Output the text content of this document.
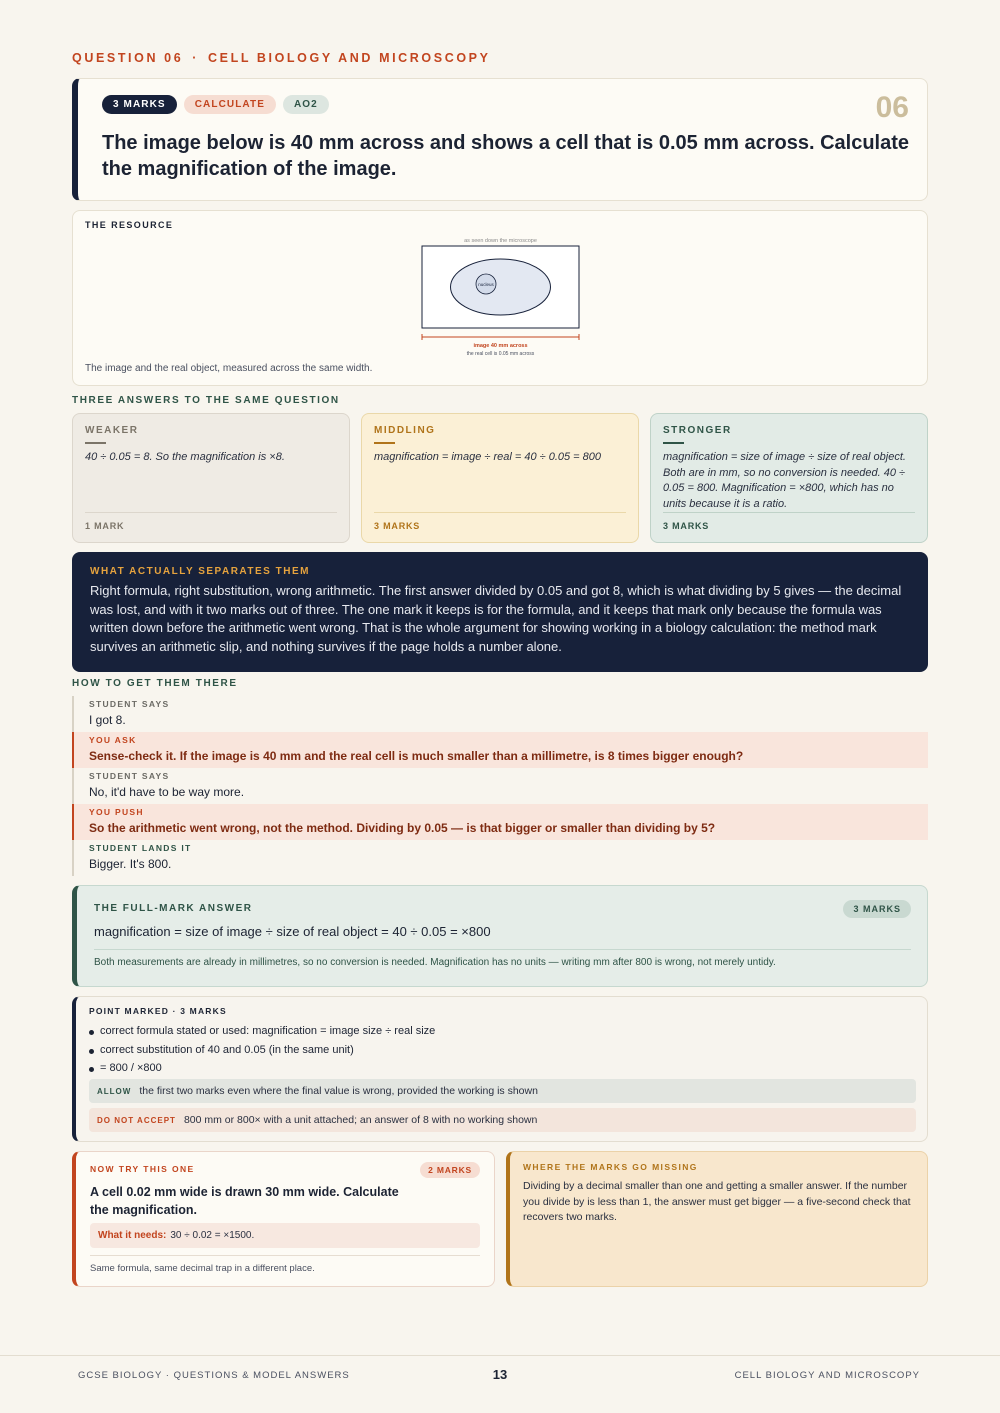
QUESTION 06 · CELL BIOLOGY AND MICROSCOPY
3 MARKS	CALCULATE	AO2	06
The image below is 40 mm across and shows a cell that is 0.05 mm across. Calculate the magnification of the image.
THE RESOURCE
as seen down the microscope
nucleus
image 40 mm across
the real cell is 0.05 mm across
The image and the real object, measured across the same width.
THREE ANSWERS TO THE SAME QUESTION
WEAKER
40 ÷ 0.05 = 8. So the magnification is ×8.
1 MARK
MIDDLING
magnification = image ÷ real = 40 ÷ 0.05 = 800
3 MARKS
STRONGER
magnification = size of image ÷ size of real object. Both are in mm, so no conversion is needed. 40 ÷ 0.05 = 800. Magnification = ×800, which has no units because it is a ratio.
3 MARKS
WHAT ACTUALLY SEPARATES THEM
Right formula, right substitution, wrong arithmetic. The first answer divided by 0.05 and got 8, which is what dividing by 5 gives — the decimal was lost, and with it two marks out of three. The one mark it keeps is for the formula, and it keeps that mark only because the formula was written down before the arithmetic went wrong. That is the whole argument for showing working in a biology calculation: the method mark survives an arithmetic slip, and nothing survives if the page holds a number alone.
HOW TO GET THEM THERE
STUDENT SAYS
I got 8.
YOU ASK
Sense-check it. If the image is 40 mm and the real cell is much smaller than a millimetre, is 8 times bigger enough?
STUDENT SAYS
No, it'd have to be way more.
YOU PUSH
So the arithmetic went wrong, not the method. Dividing by 0.05 — is that bigger or smaller than dividing by 5?
STUDENT LANDS IT
Bigger. It's 800.
THE FULL-MARK ANSWER	3 MARKS
magnification = size of image ÷ size of real object = 40 ÷ 0.05 = ×800
Both measurements are already in millimetres, so no conversion is needed. Magnification has no units — writing mm after 800 is wrong, not merely untidy.
POINT MARKED · 3 MARKS
correct formula stated or used: magnification = image size ÷ real size
correct substitution of 40 and 0.05 (in the same unit)
= 800 / ×800
ALLOW the first two marks even where the final value is wrong, provided the working is shown
DO NOT ACCEPT 800 mm or 800× with a unit attached; an answer of 8 with no working shown
NOW TRY THIS ONE	2 MARKS
A cell 0.02 mm wide is drawn 30 mm wide. Calculate the magnification.
What it needs: 30 ÷ 0.02 = ×1500.
Same formula, same decimal trap in a different place.
WHERE THE MARKS GO MISSING
Dividing by a decimal smaller than one and getting a smaller answer. If the number you divide by is less than 1, the answer must get bigger — a five-second check that recovers two marks.
GCSE BIOLOGY · QUESTIONS & MODEL ANSWERS	13	CELL BIOLOGY AND MICROSCOPY
